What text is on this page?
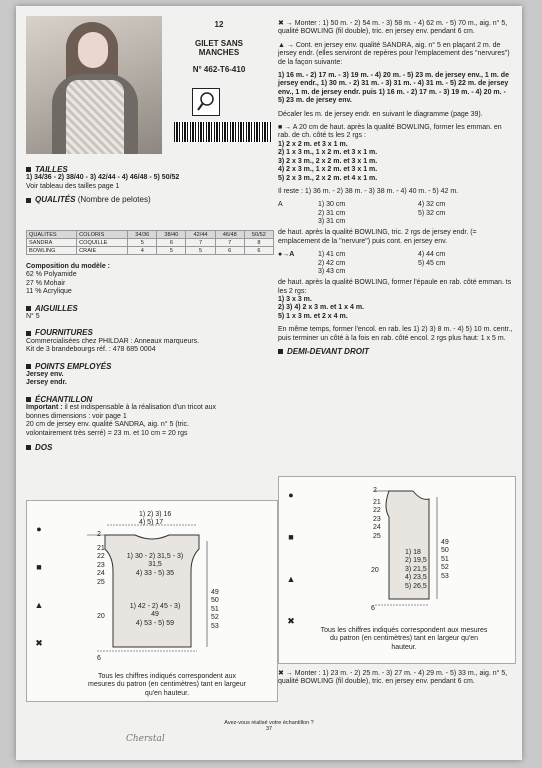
12
GILET SANS MANCHES
N° 462-T6-410
TAILLES
1) 34/36 - 2) 38/40 - 3) 42/44 - 4) 46/48 - 5) 50/52
Voir tableau des tailles page 1
QUALITÉS (Nombre de pelotes)
QUALITES	COLORIS	34/36	38/40	42/44	46/48	50/52
SANDRA	COQUILLE	5	6	7	7	8
BOWLING	CRAIE	4	5	5	6	6
Composition du modèle :
62 % Polyamide
27 % Mohair
11 % Acrylique
AIGUILLES
N° 5
FOURNITURES
Commercialisées chez PHILDAR : Anneaux marqueurs.
Kit de 3 brandebourgs réf. : 478 685 0004
POINTS EMPLOYÉS
Jersey env.
Jersey endr.
ÉCHANTILLON
Important : il est indispensable à la réalisation d'un tricot aux
bonnes dimensions : voir page 1
20 cm de jersey env. qualité SANDRA, aig. n° 5 (tric.
volontairement très serré) = 23 m. et 10 cm = 20 rgs
DOS
●
■
▲
✖
1) 2) 3) 16
4) 5) 17
2
21
22
23
24
25
1) 30 - 2) 31,5 - 3) 31,5
4) 33 - 5) 35
1) 42 - 2) 45 - 3) 49
4) 53 - 5) 59
20
6
49
50
51
52
53
Tous les chiffres indiqués correspondent aux
mesures du patron (en centimètres) tant en largeur
qu'en hauteur.

✖ → Monter : 1) 50 m. - 2) 54 m. - 3) 58 m. - 4) 62 m. - 5) 70 m., aig. n° 5, qualité BOWLING (fil double), tric. en jersey env. pendant 6 cm.

▲ → Cont. en jersey env. qualité SANDRA, aig. n° 5 en plaçant 2 m. de jersey endr. (elles serviront de repères pour l'emplacement des "nervures") de la façon suivante:

1) 16 m. - 2) 17 m. - 3) 19 m. - 4) 20 m. - 5) 23 m. de jersey env., 1 m. de jersey endr., 1) 30 m. - 2) 31 m. - 3) 31 m. - 4) 31 m. - 5) 22 m. de jersey env., 1 m. de jersey endr. puis 1) 16 m. - 2) 17 m. - 3) 19 m. - 4) 20 m. - 5) 23 m. de jersey env.

Décaler les m. de jersey endr. en suivant le diagramme (page 39).

■ → A 20 cm de haut. après la qualité BOWLING, former les emman. en rab. de ch. côté ts les 2 rgs :

1) 2 x 2 m. et 3 x 1 m.
2) 1 x 3 m., 1 x 2 m. et 3 x 1 m.
3) 2 x 3 m., 2 x 2 m. et 3 x 1 m.
4) 2 x 3 m., 1 x 2 m. et 3 x 1 m.
5) 2 x 3 m., 2 x 2 m. et 4 x 1 m.

Il reste : 1) 36 m. - 2) 38 m. - 3) 38 m. - 4) 40 m. - 5) 42 m.

A	1) 30 cm
2) 31 cm
3) 31 cm
4) 32 cm
5) 32 cm

de haut. après la qualité BOWLING, tric. 2 rgs de jersey endr. (= emplacement de la "nervure") puis cont. en jersey env.

●→A	1) 41 cm
2) 42 cm
3) 43 cm
4) 44 cm
5) 45 cm

de haut. après la qualité BOWLING, former l'épaule en rab. côté emman. ts les 2 rgs:

1) 3 x 3 m.
2) 3) 4) 2 x 3 m. et 1 x 4 m.
5) 1 x 3 m. et 2 x 4 m.

En même temps, former l'encol. en rab. les 1) 2) 3) 8 m. - 4) 5) 10 m. centr., puis terminer un côté à la fois en rab. côté encol. 2 rgs plus haut: 1 x 5 m.

DEMI-DEVANT DROIT
●
■
▲
✖
2
21
22
23
24
25
1) 18
2) 19,5
3) 21,5
4) 23,5
5) 26,5
49
50
51
52
53
20
6
Tous les chiffres indiqués correspondent aux mesures
du patron (en centimètres) tant en largeur qu'en
hauteur.
✖ → Monter : 1) 23 m. - 2) 25 m. - 3) 27 m. - 4) 29 m. - 5) 33 m., aig. n° 5, qualité BOWLING (fil double), tric. en jersey env. pendant 6 cm.
Avez-vous réalisé votre échantillon ?
37
Cherstal
